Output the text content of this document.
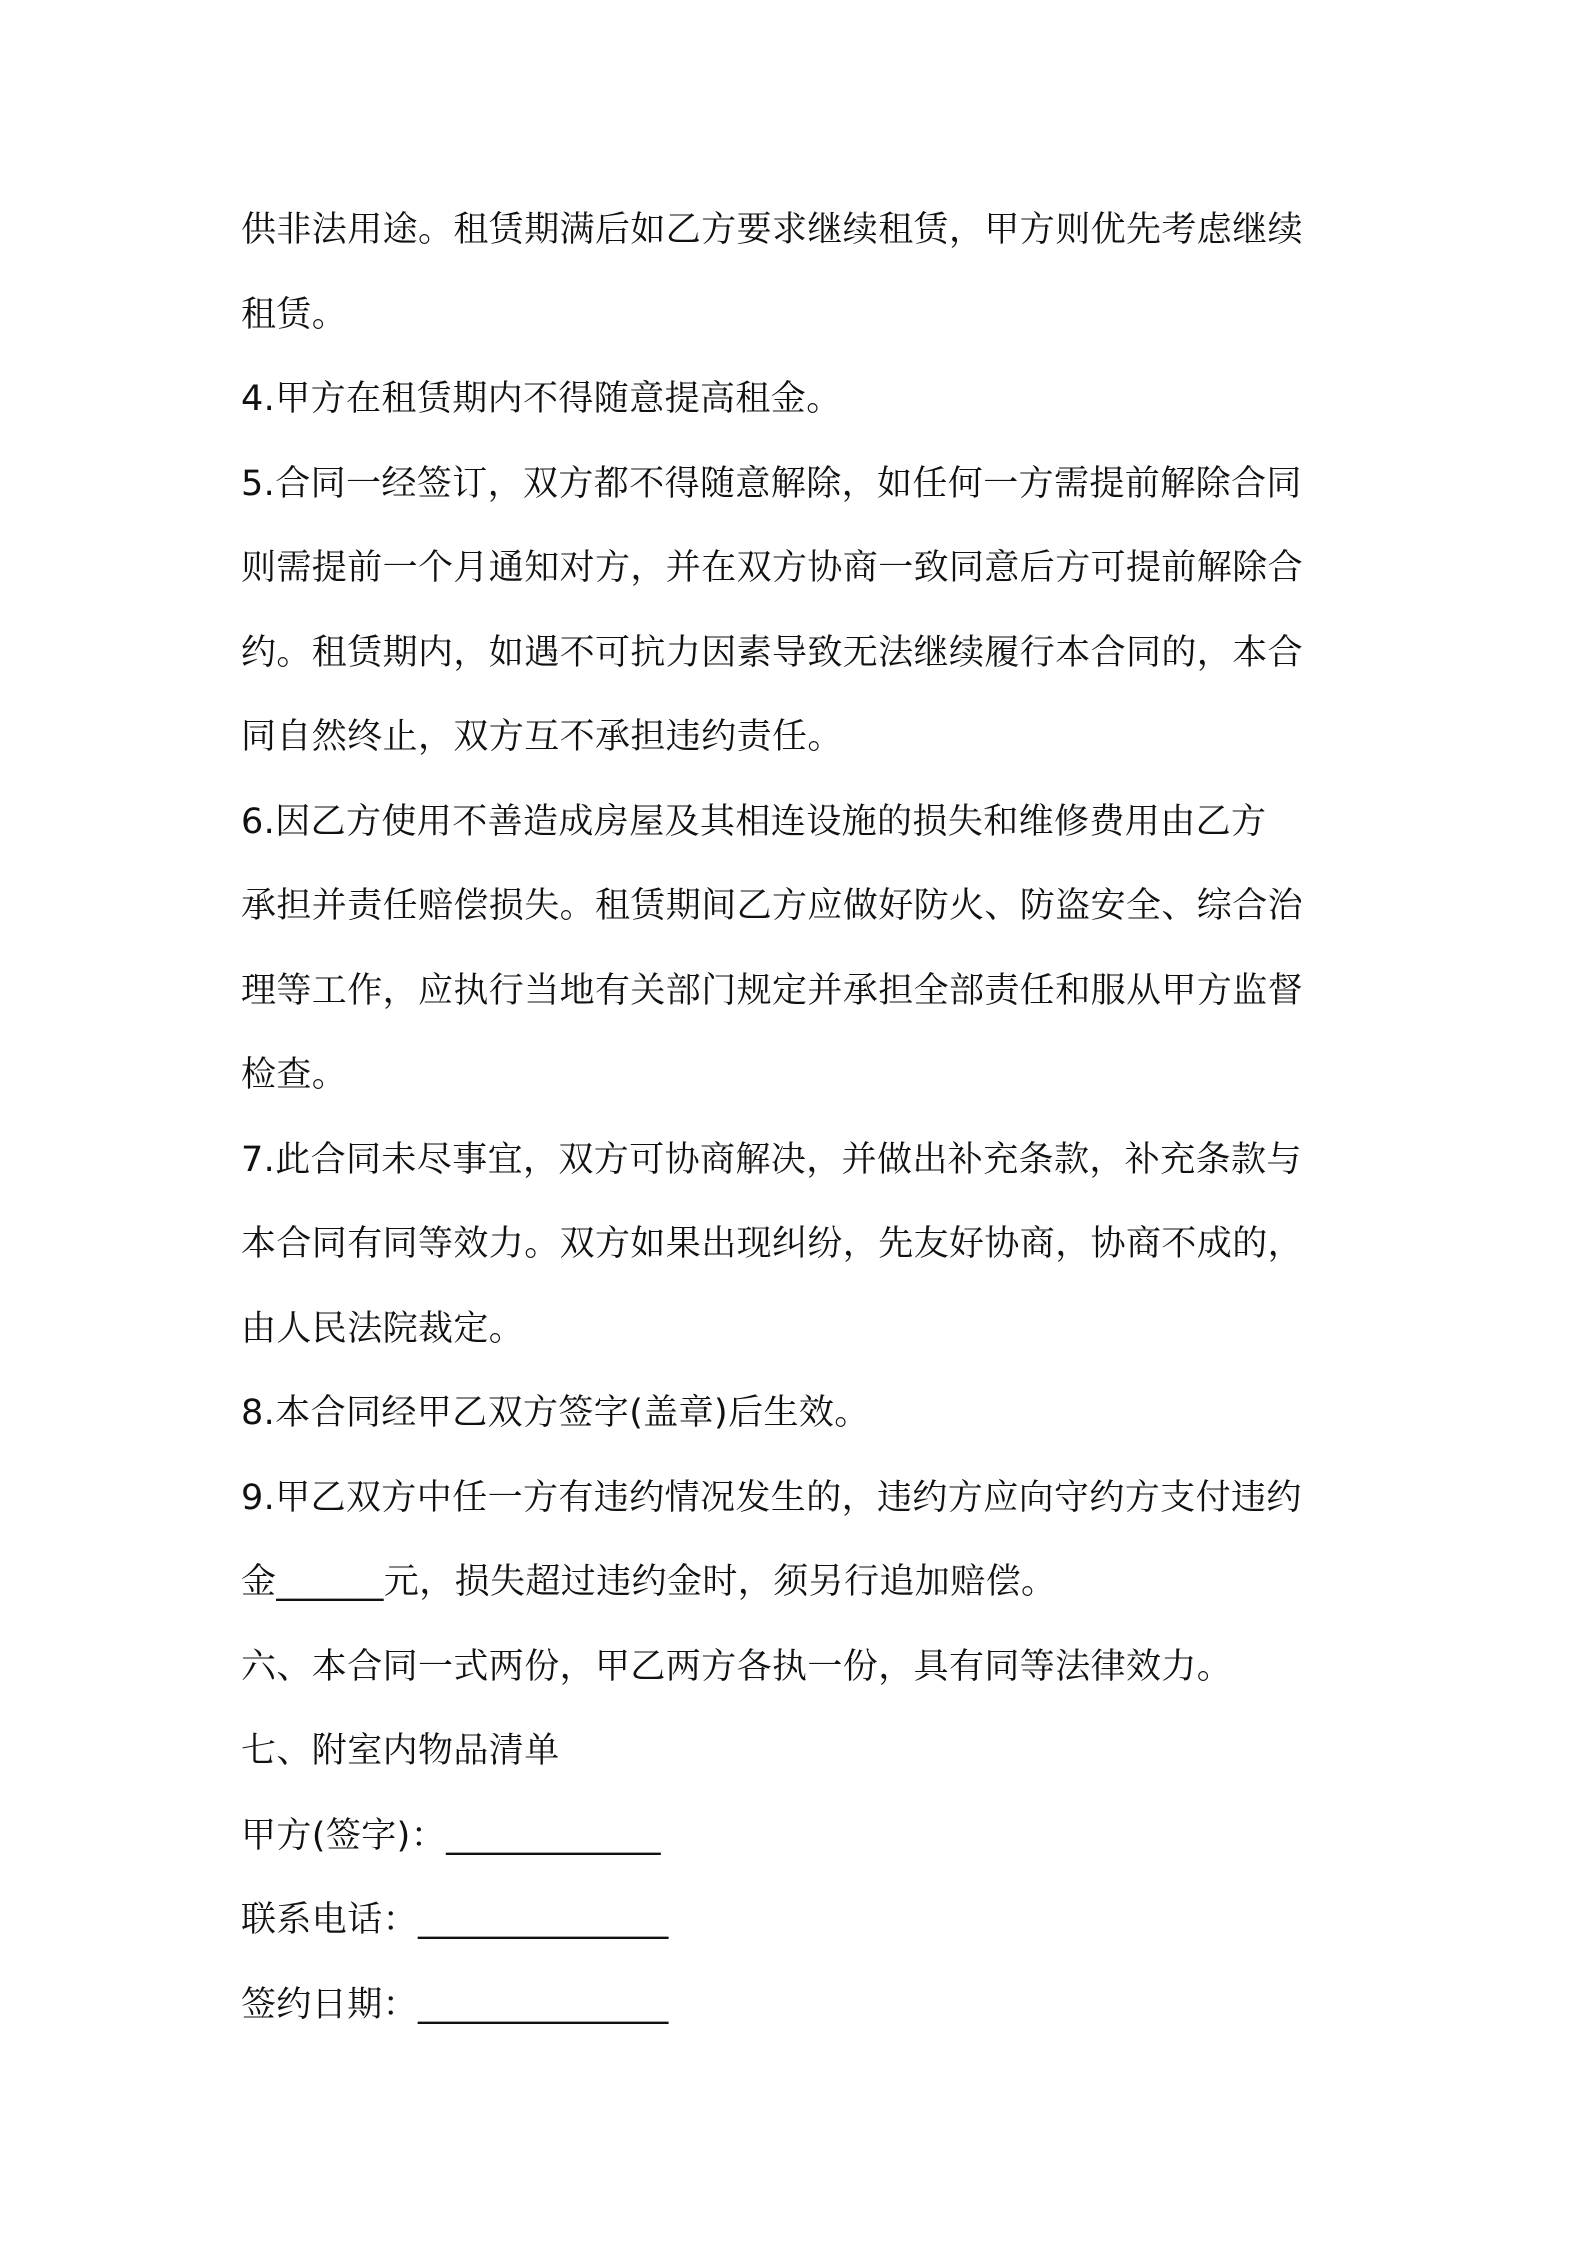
供非法用途。租赁期满后如乙方要求继续租赁，甲方则优先考虑继续
租赁。
4.甲方在租赁期内不得随意提高租金。
5.合同一经签订，双方都不得随意解除，如任何一方需提前解除合同
则需提前一个月通知对方，并在双方协商一致同意后方可提前解除合
约。租赁期内，如遇不可抗力因素导致无法继续履行本合同的，本合
同自然终止，双方互不承担违约责任。
6.因乙方使用不善造成房屋及其相连设施的损失和维修费用由乙方
承担并责任赔偿损失。租赁期间乙方应做好防火、防盗安全、综合治
理等工作，应执行当地有关部门规定并承担全部责任和服从甲方监督
检查。
7.此合同未尽事宜，双方可协商解决，并做出补充条款，补充条款与
本合同有同等效力。双方如果出现纠纷，先友好协商，协商不成的，
由人民法院裁定。
8.本合同经甲乙双方签字(盖章)后生效。
9.甲乙双方中任一方有违约情况发生的，违约方应向守约方支付违约
金______元，损失超过违约金时，须另行追加赔偿。
六、本合同一式两份，甲乙两方各执一份，具有同等法律效力。
七、附室内物品清单
甲方(签字)：____________
联系电话：______________
签约日期：______________
